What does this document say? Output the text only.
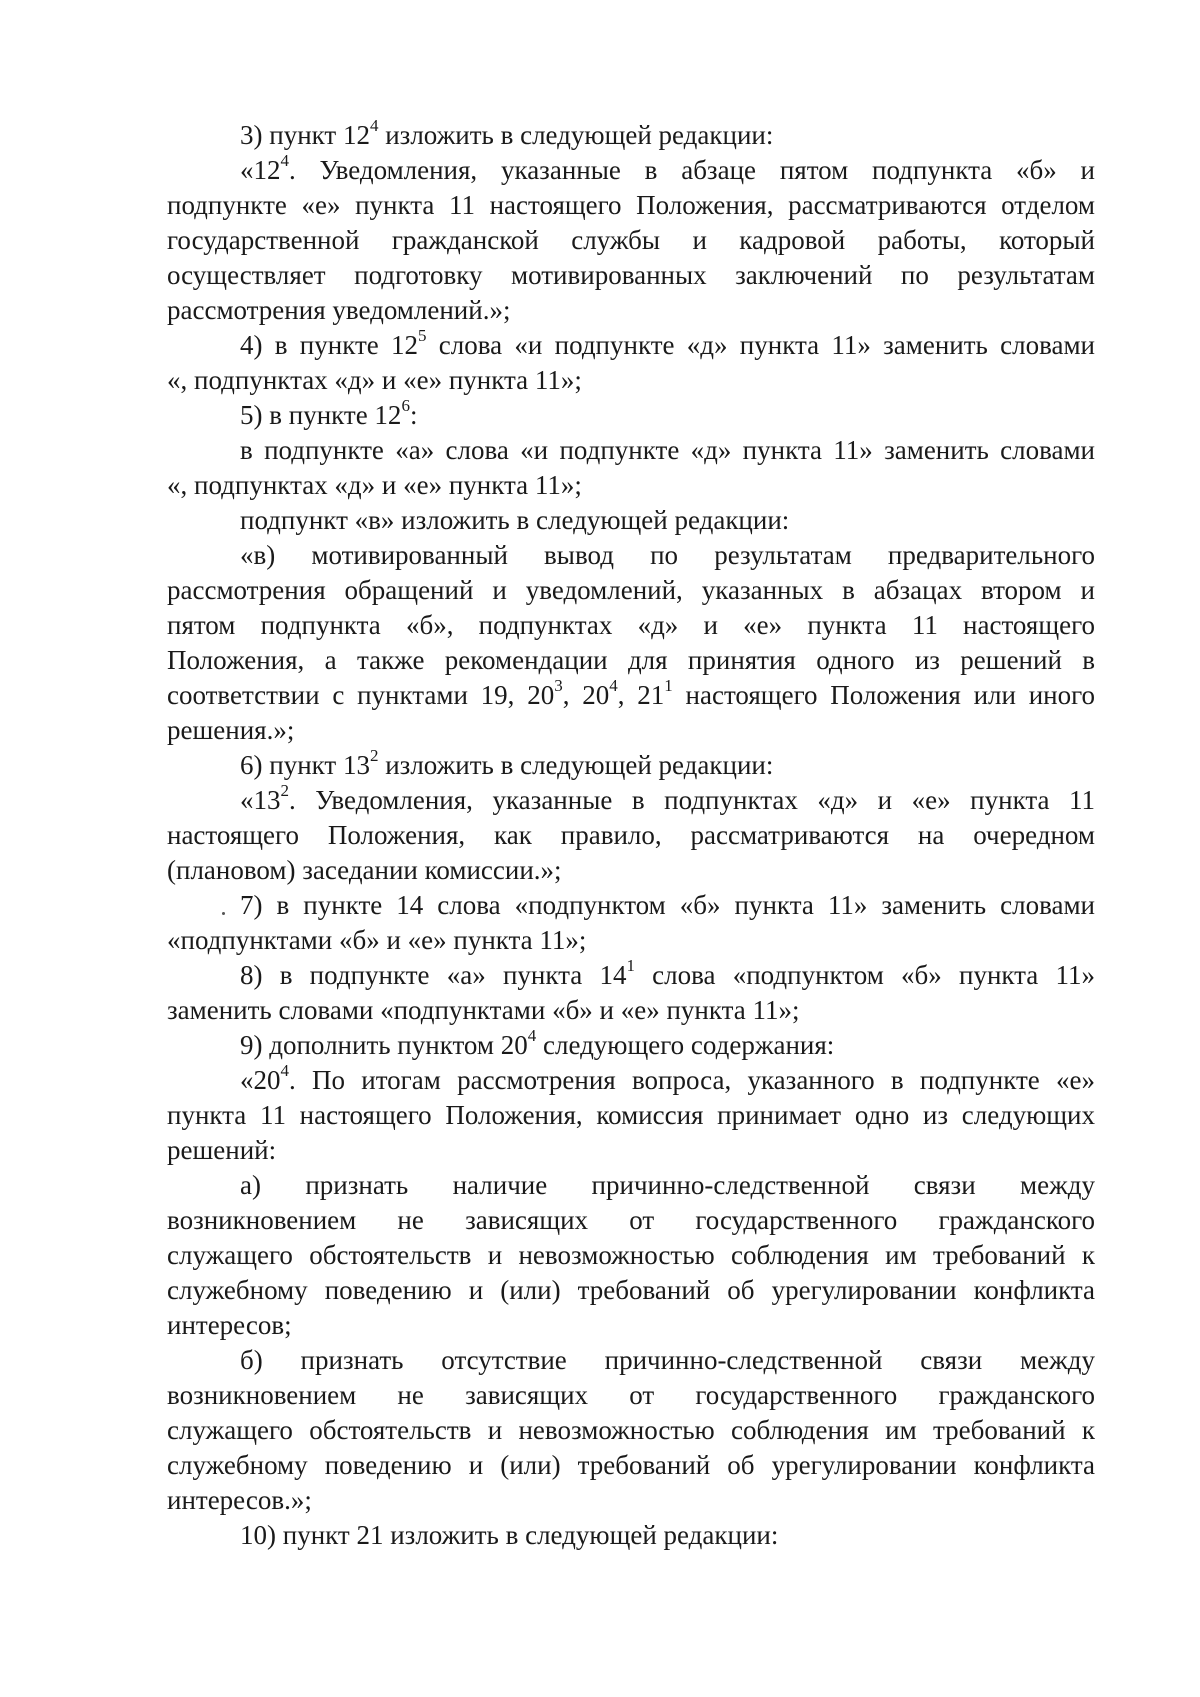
3) пункт $12^4$ изложить в следующей редакции:
«$12^4$. Уведомления, указанные в абзаце пятом подпункта «б» и
подпункте «е» пункта 11 настоящего Положения, рассматриваются отделом
государственной гражданской службы и кадровой работы, который
осуществляет подготовку мотивированных заключений по результатам
рассмотрения уведомлений.»;
4) в пункте $12^5$ слова «и подпункте «д» пункта 11» заменить словами
«, подпунктах «д» и «е» пункта 11»;
5) в пункте $12^6$:
в подпункте «а» слова «и подпункте «д» пункта 11» заменить словами
«, подпунктах «д» и «е» пункта 11»;
подпункт «в» изложить в следующей редакции:
«в) мотивированный вывод по результатам предварительного
рассмотрения обращений и уведомлений, указанных в абзацах втором и
пятом подпункта «б», подпунктах «д» и «е» пункта 11 настоящего
Положения, а также рекомендации для принятия одного из решений в
соответствии с пунктами 19, $20^3$, $20^4$, $21^1$ настоящего Положения или иного
решения.»;
6) пункт $13^2$ изложить в следующей редакции:
«$13^2$. Уведомления, указанные в подпунктах «д» и «е» пункта 11
настоящего Положения, как правило, рассматриваются на очередном
(плановом) заседании комиссии.»;
7) в пункте 14 слова «подпунктом «б» пункта 11» заменить словами
«подпунктами «б» и «е» пункта 11»;
8) в подпункте «а» пункта $14^1$ слова «подпунктом «б» пункта 11»
заменить словами «подпунктами «б» и «е» пункта 11»;
9) дополнить пунктом $20^4$ следующего содержания:
«$20^4$. По итогам рассмотрения вопроса, указанного в подпункте «е»
пункта 11 настоящего Положения, комиссия принимает одно из следующих
решений:
а) признать наличие причинно-следственной связи между
возникновением не зависящих от государственного гражданского
служащего обстоятельств и невозможностью соблюдения им требований к
служебному поведению и (или) требований об урегулировании конфликта
интересов;
б) признать отсутствие причинно-следственной связи между
возникновением не зависящих от государственного гражданского
служащего обстоятельств и невозможностью соблюдения им требований к
служебному поведению и (или) требований об урегулировании конфликта
интересов.»;
10) пункт 21 изложить в следующей редакции:
